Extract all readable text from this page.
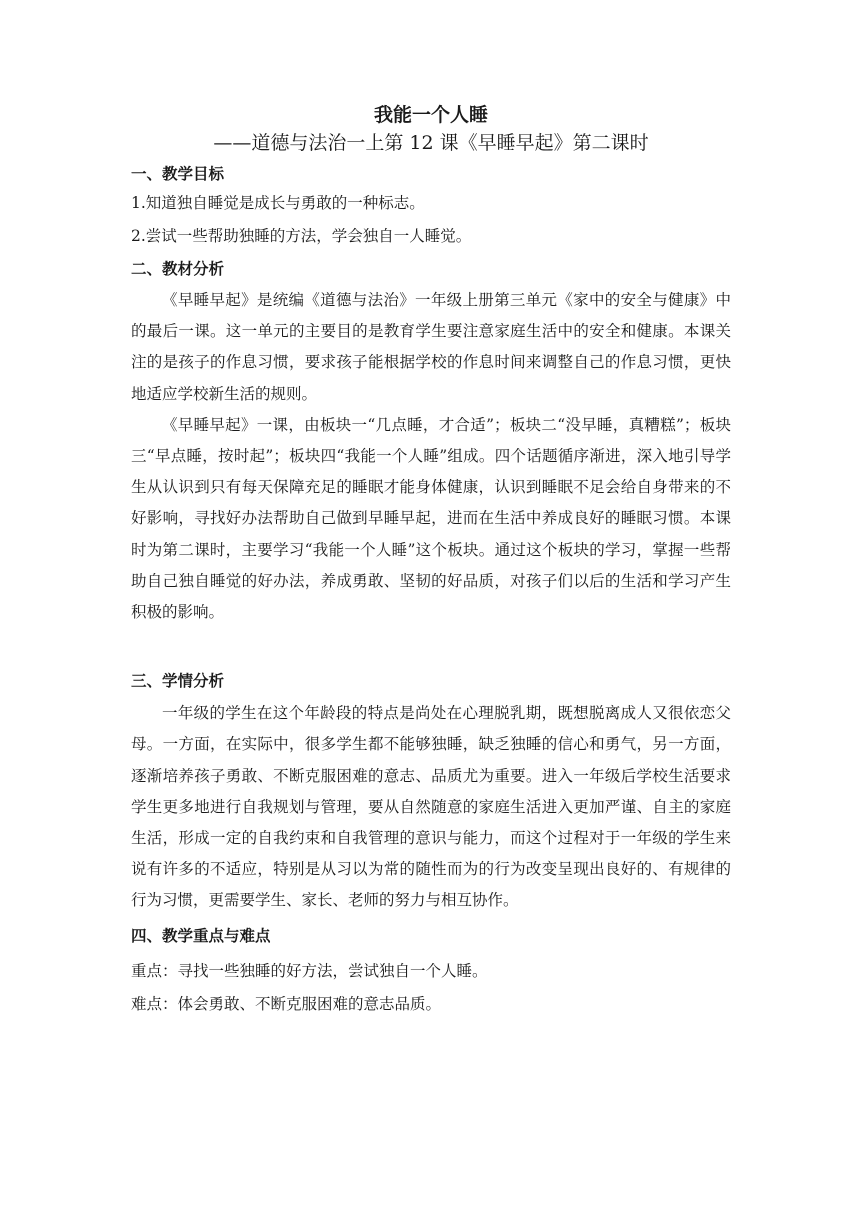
我能一个人睡

——道德与法治一上第 12 课《早睡早起》第二课时

一、教学目标

1.知道独自睡觉是成长与勇敢的一种标志。

2.尝试一些帮助独睡的方法，学会独自一人睡觉。

二、教材分析

《早睡早起》是统编《道德与法治》一年级上册第三单元《家中的安全与健康》中的最后一课。这一单元的主要目的是教育学生要注意家庭生活中的安全和健康。本课关注的是孩子的作息习惯，要求孩子能根据学校的作息时间来调整自己的作息习惯，更快地适应学校新生活的规则。

《早睡早起》一课，由板块一“几点睡，才合适”；板块二“没早睡，真糟糕”；板块三“早点睡，按时起”；板块四“我能一个人睡”组成。四个话题循序渐进，深入地引导学生从认识到只有每天保障充足的睡眠才能身体健康，认识到睡眠不足会给自身带来的不好影响，寻找好办法帮助自己做到早睡早起，进而在生活中养成良好的睡眠习惯。本课时为第二课时，主要学习“我能一个人睡”这个板块。通过这个板块的学习，掌握一些帮助自己独自睡觉的好办法，养成勇敢、坚韧的好品质，对孩子们以后的生活和学习产生积极的影响。

三、学情分析

一年级的学生在这个年龄段的特点是尚处在心理脱乳期，既想脱离成人又很依恋父母。一方面，在实际中，很多学生都不能够独睡，缺乏独睡的信心和勇气，另一方面，逐渐培养孩子勇敢、不断克服困难的意志、品质尤为重要。进入一年级后学校生活要求学生更多地进行自我规划与管理，要从自然随意的家庭生活进入更加严谨、自主的家庭生活，形成一定的自我约束和自我管理的意识与能力，而这个过程对于一年级的学生来说有许多的不适应，特别是从习以为常的随性而为的行为改变呈现出良好的、有规律的行为习惯，更需要学生、家长、老师的努力与相互协作。

四、教学重点与难点

重点：寻找一些独睡的好方法，尝试独自一个人睡。

难点：体会勇敢、不断克服困难的意志品质。
